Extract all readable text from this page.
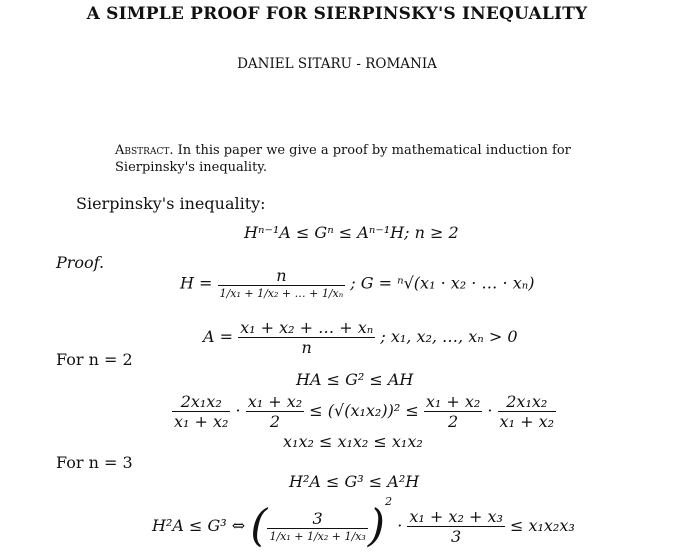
A SIMPLE PROOF FOR SIERPINSKY'S INEQUALITY
DANIEL SITARU - ROMANIA
Abstract. In this paper we give a proof by mathematical induction for Sierpinsky's inequality.
Sierpinsky's inequality:
Hⁿ⁻¹A ≤ Gⁿ ≤ Aⁿ⁻¹H; n ≥ 2
Proof.
$H = \frac{n}{\text{1/x₁ + 1/x₂ + … + 1/xₙ}}$ ; G = ⁿ√(x₁ · x₂ · … · xₙ)
$A = \frac{\text{x₁ + x₂ + … + xₙ}}{n}$ ; x₁, x₂, …, xₙ > 0
For n = 2
HA ≤ G² ≤ AH
$\frac{\text{2x₁x₂}}{\text{x₁ + x₂}} \cdot \frac{\text{x₁ + x₂}}{2} \le (√(x_1x_2))^2 \le \frac{\text{x₁ + x₂}}{2} \cdot \frac{\text{2x₁x₂}}{\text{x₁ + x₂}}$
x₁x₂ ≤ x₁x₂ ≤ x₁x₂
For n = 3
H²A ≤ G³ ≤ A²H
H²A ≤ G³ ⇔ ( $\frac{3}{\text{1/x₁ + 1/x₂ + 1/x₃}} )^2 \cdot \frac{\text{x₁ + x₂ + x₃}}{3} \le x_1x_2x_3$
